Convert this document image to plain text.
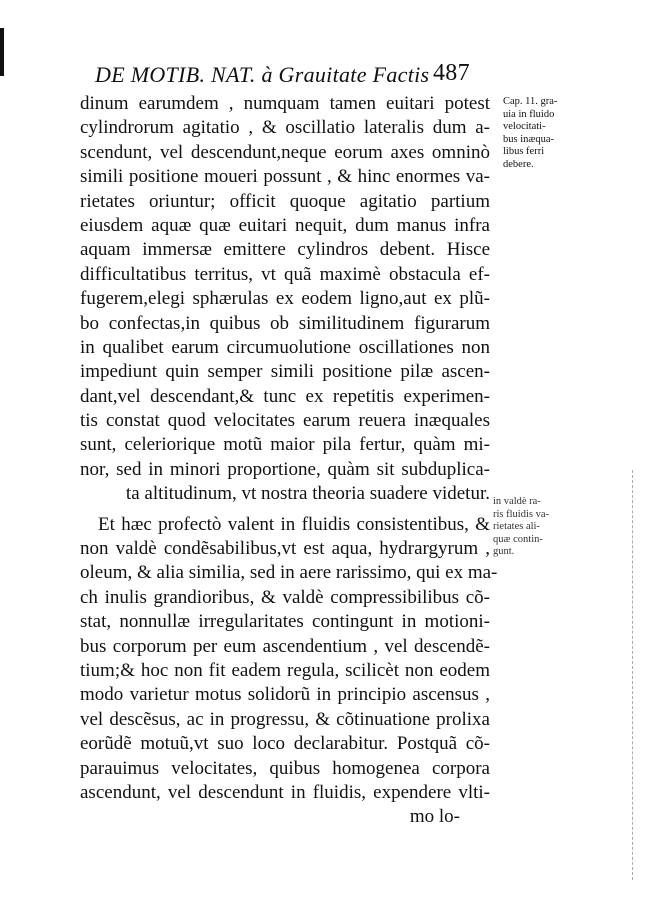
DE MOTIB. NAT. à Grauitate Factis 487
dinum earumdem , numquam tamen euitari potest
cylindrorum agitatio , & oscillatio lateralis dum a-
scendunt, vel descendunt,neque eorum axes omninò
simili positione moueri possunt , & hinc enormes va-
rietates oriuntur; officit quoque agitatio partium
eiusdem aquæ quæ euitari nequit, dum manus infra
aquam immersæ emittere cylindros debent. Hisce
difficultatibus territus, vt quã maximè obstacula ef-
fugerem,elegi sphærulas ex eodem ligno,aut ex plũ-
bo confectas,in quibus ob similitudinem figurarum
in qualibet earum circumuolutione oscillationes non
impediunt quin semper simili positione pilæ ascen-
dant,vel descendant,& tunc ex repetitis experimen-
tis constat quod velocitates earum reuera inæquales
sunt, celeriorique motũ maior pila fertur, quàm mi-
nor, sed in minori proportione, quàm sit subduplica-
ta altitudinum, vt nostra theoria suadere videtur.
Et hæc profectò valent in fluidis consistentibus, &
non valdè condẽsabilibus,vt est aqua, hydrargyrum ,
oleum, & alia similia, sed in aere rarissimo, qui ex ma-
ch inulis grandioribus, & valdè compressibilibus cõ-
stat, nonnullæ irregularitates contingunt in motioni-
bus corporum per eum ascendentium , vel descendẽ-
tium;& hoc non fit eadem regula, scilicèt non eodem
modo varietur motus solidorũ in principio ascensus ,
vel descẽsus, ac in progressu, & cõtinuatione prolixa
eorũdẽ motuũ,vt suo loco declarabitur. Postquã cõ-
parauimus velocitates, quibus homogenea corpora
ascendunt, vel descendunt in fluidis, expendere vlti-
mo lo-
Cap. 11. gra-
uia in fluido
velocitati-
bus inæqua-
libus ferri
debere.
in valdè ra-
ris fluidis va-
rietates ali-
quæ contin-
gunt.
